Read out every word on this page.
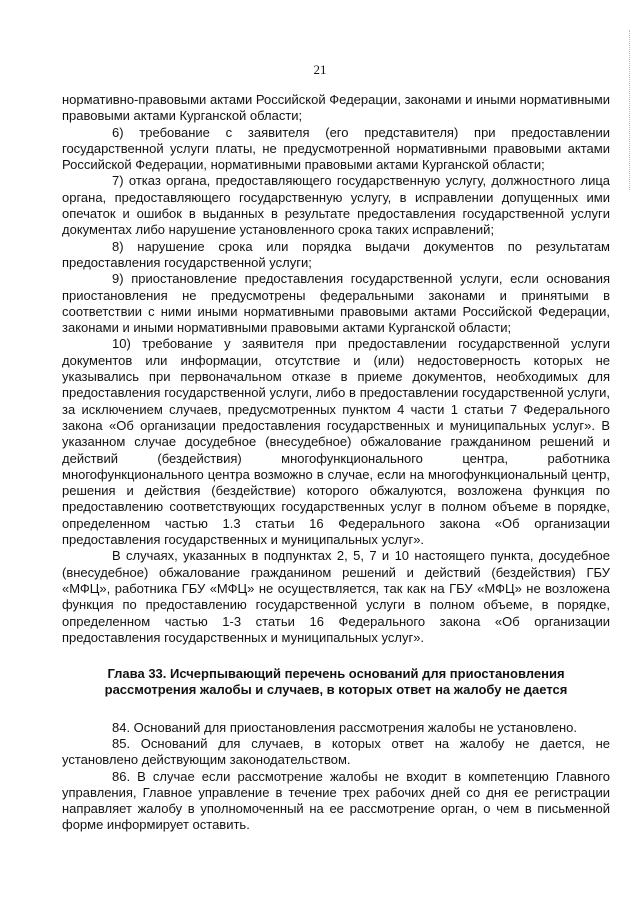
21

нормативно-правовыми актами Российской Федерации, законами и иными нормативными правовыми актами Курганской области;

6) требование с заявителя (его представителя) при предоставлении государственной услуги платы, не предусмотренной нормативными правовыми актами Российской Федерации, нормативными правовыми актами Курганской области;

7) отказ органа, предоставляющего государственную услугу, должностного лица органа, предоставляющего государственную услугу, в исправлении допущенных ими опечаток и ошибок в выданных в результате предоставления государственной услуги документах либо нарушение установленного срока таких исправлений;

8) нарушение срока или порядка выдачи документов по результатам предоставления государственной услуги;

9) приостановление предоставления государственной услуги, если основания приостановления не предусмотрены федеральными законами и принятыми в соответствии с ними иными нормативными правовыми актами Российской Федерации, законами и иными нормативными правовыми актами Курганской области;

10) требование у заявителя при предоставлении государственной услуги документов или информации, отсутствие и (или) недостоверность которых не указывались при первоначальном отказе в приеме документов, необходимых для предоставления государственной услуги, либо в предоставлении государственной услуги, за исключением случаев, предусмотренных пунктом 4 части 1 статьи 7 Федерального закона «Об организации предоставления государственных и муниципальных услуг». В указанном случае досудебное (внесудебное) обжалование гражданином решений и действий (бездействия) многофункционального центра, работника многофункционального центра возможно в случае, если на многофункциональный центр, решения и действия (бездействие) которого обжалуются, возложена функция по предоставлению соответствующих государственных услуг в полном объеме в порядке, определенном частью 1.3 статьи 16 Федерального закона «Об организации предоставления государственных и муниципальных услуг».

В случаях, указанных в подпунктах 2, 5, 7 и 10 настоящего пункта, досудебное (внесудебное) обжалование гражданином решений и действий (бездействия) ГБУ «МФЦ», работника ГБУ «МФЦ» не осуществляется, так как на ГБУ «МФЦ» не возложена функция по предоставлению государственной услуги в полном объеме, в порядке, определенном частью 1-3 статьи 16 Федерального закона «Об организации предоставления государственных и муниципальных услуг».

Глава 33. Исчерпывающий перечень оснований для приостановления рассмотрения жалобы и случаев, в которых ответ на жалобу не дается

84. Оснований для приостановления рассмотрения жалобы не установлено.

85. Оснований для случаев, в которых ответ на жалобу не дается, не установлено действующим законодательством.

86. В случае если рассмотрение жалобы не входит в компетенцию Главного управления, Главное управление в течение трех рабочих дней со дня ее регистрации направляет жалобу в уполномоченный на ее рассмотрение орган, о чем в письменной форме информирует оставить.
